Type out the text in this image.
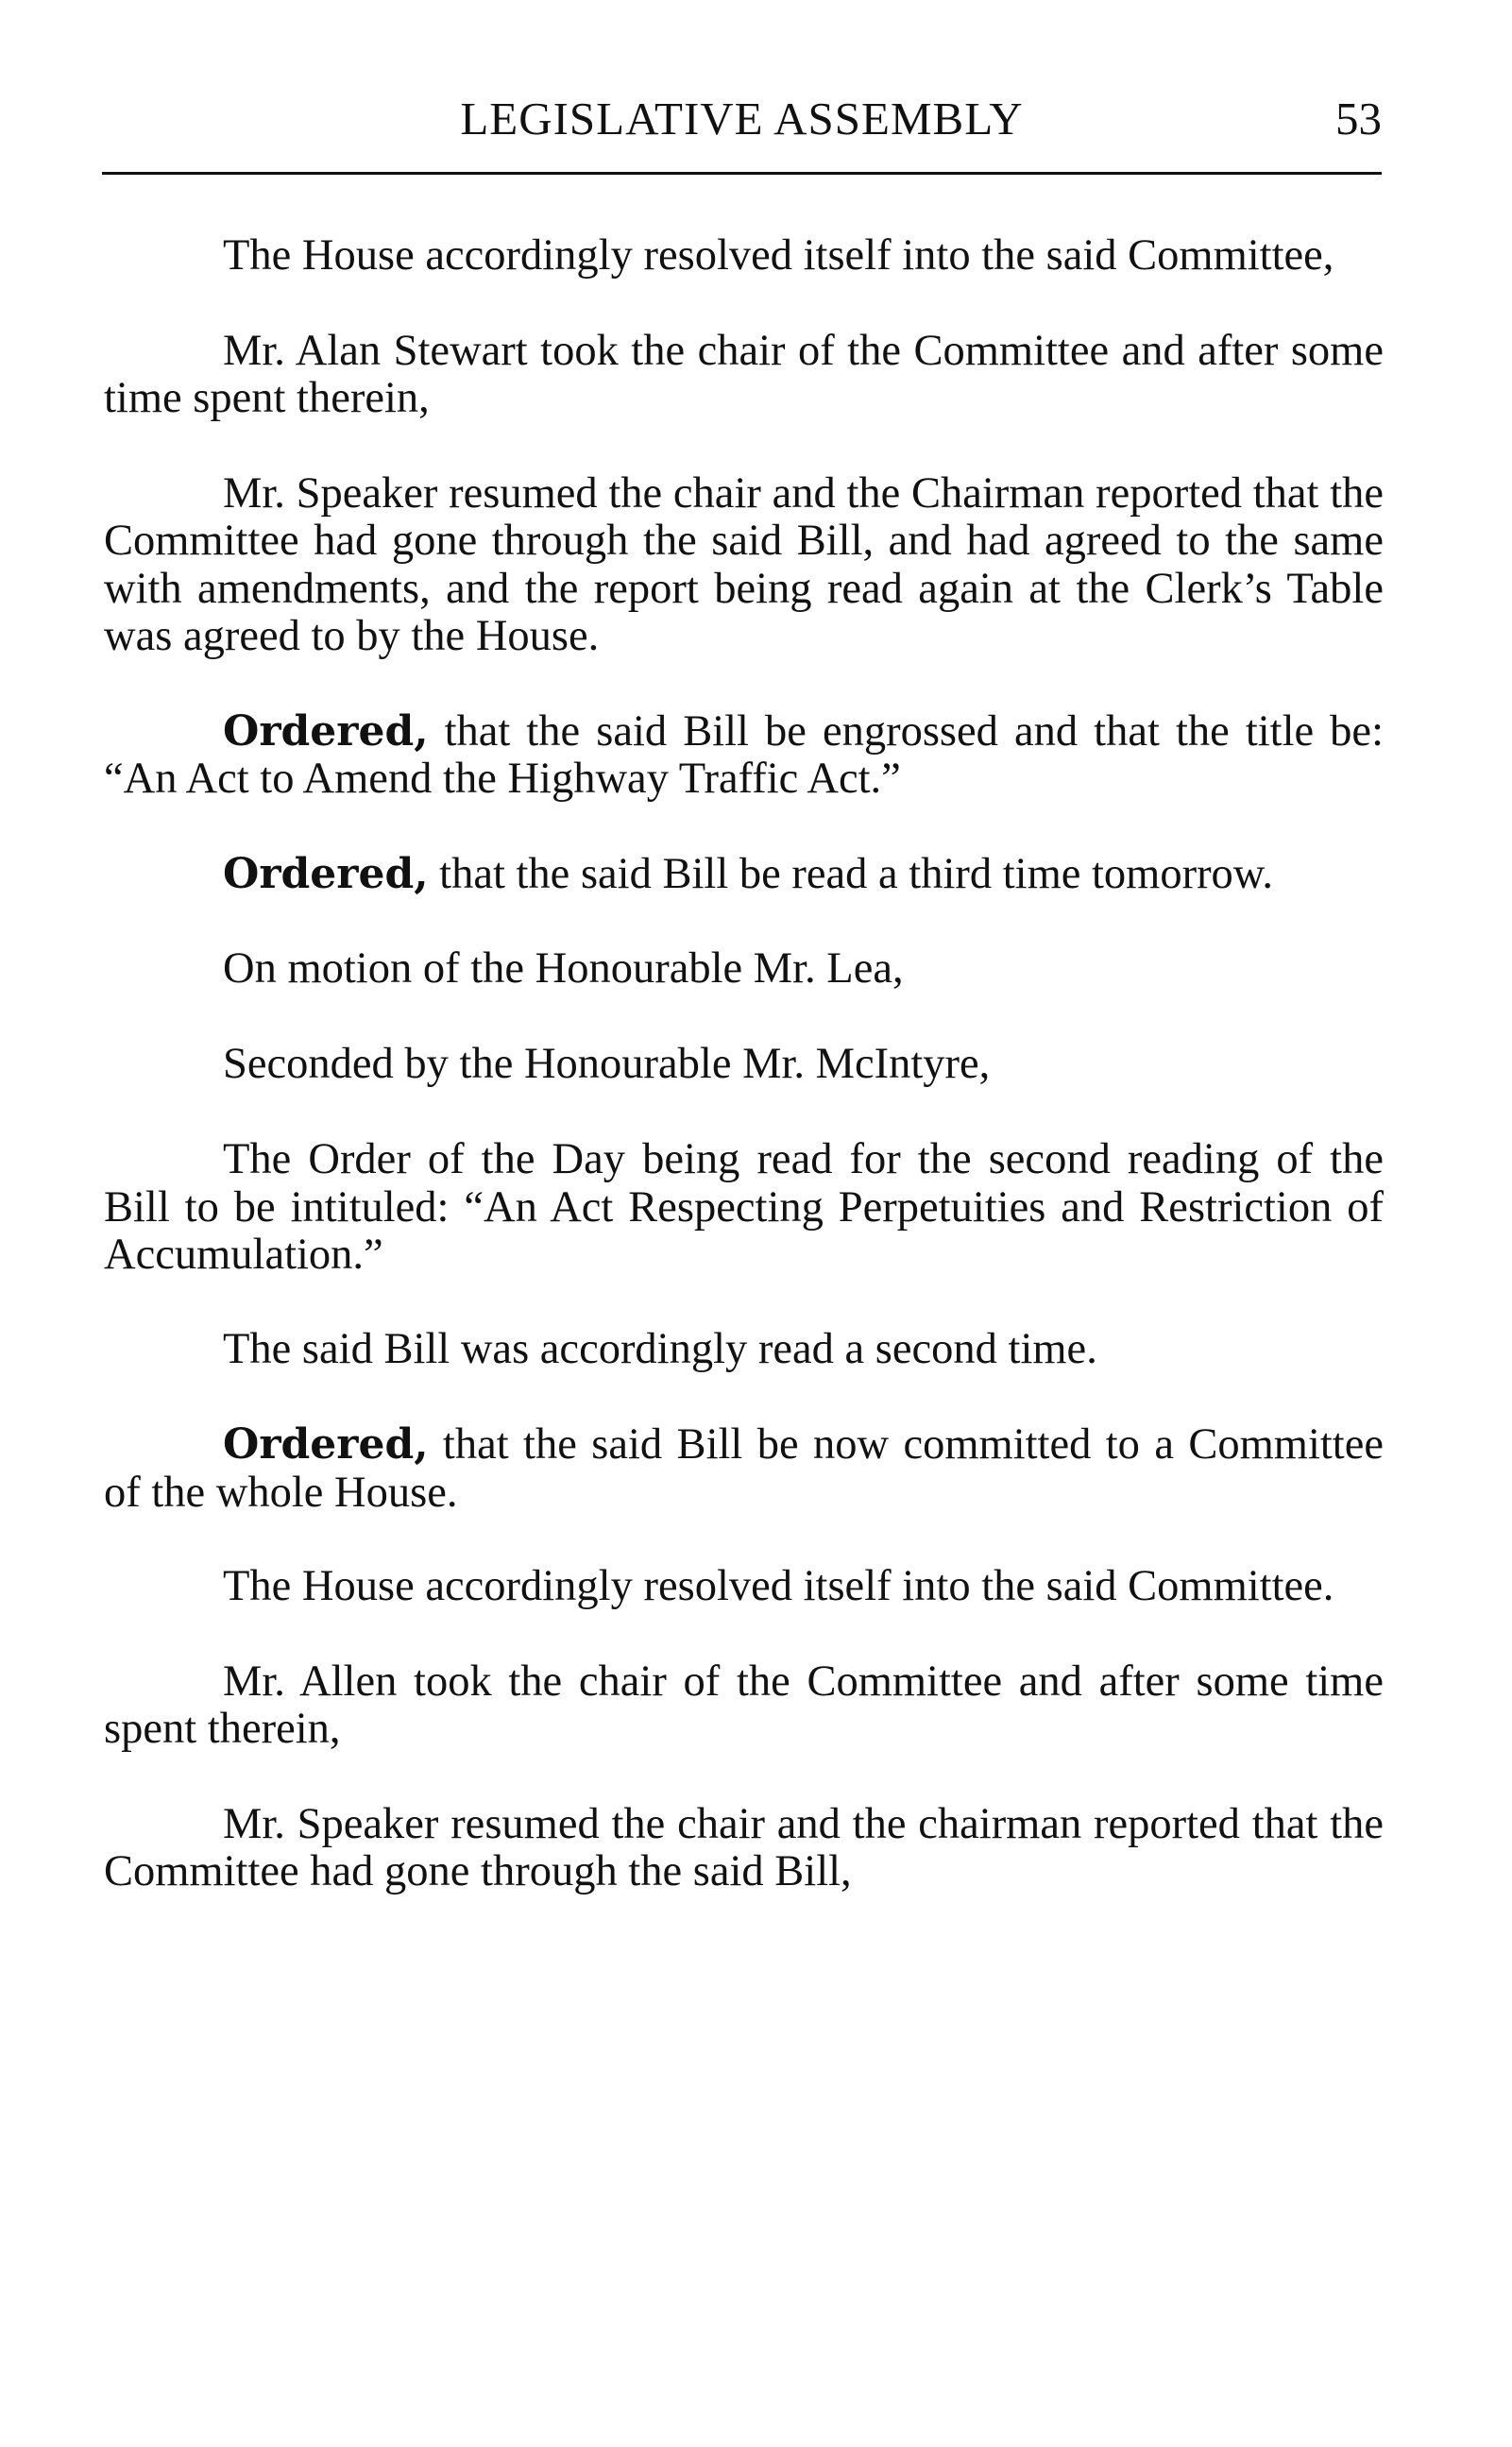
LEGISLATIVE ASSEMBLY	53

The House accordingly resolved itself into the said Committee,

Mr. Alan Stewart took the chair of the Committee and after some time spent therein,

Mr. Speaker resumed the chair and the Chairman reported that the Committee had gone through the said Bill, and had agreed to the same with amendments, and the report being read again at the Clerk’s Table was agreed to by the House.

Ordered, that the said Bill be engrossed and that the title be: “An Act to Amend the Highway Traffic Act.”

Ordered, that the said Bill be read a third time tomorrow.

On motion of the Honourable Mr. Lea,

Seconded by the Honourable Mr. McIntyre,

The Order of the Day being read for the second reading of the Bill to be intituled: “An Act Respecting Perpetuities and Restriction of Accumulation.”

The said Bill was accordingly read a second time.

Ordered, that the said Bill be now committed to a Committee of the whole House.

The House accordingly resolved itself into the said Committee.

Mr. Allen took the chair of the Committee and after some time spent therein,

Mr. Speaker resumed the chair and the chairman reported that the Committee had gone through the said Bill,
